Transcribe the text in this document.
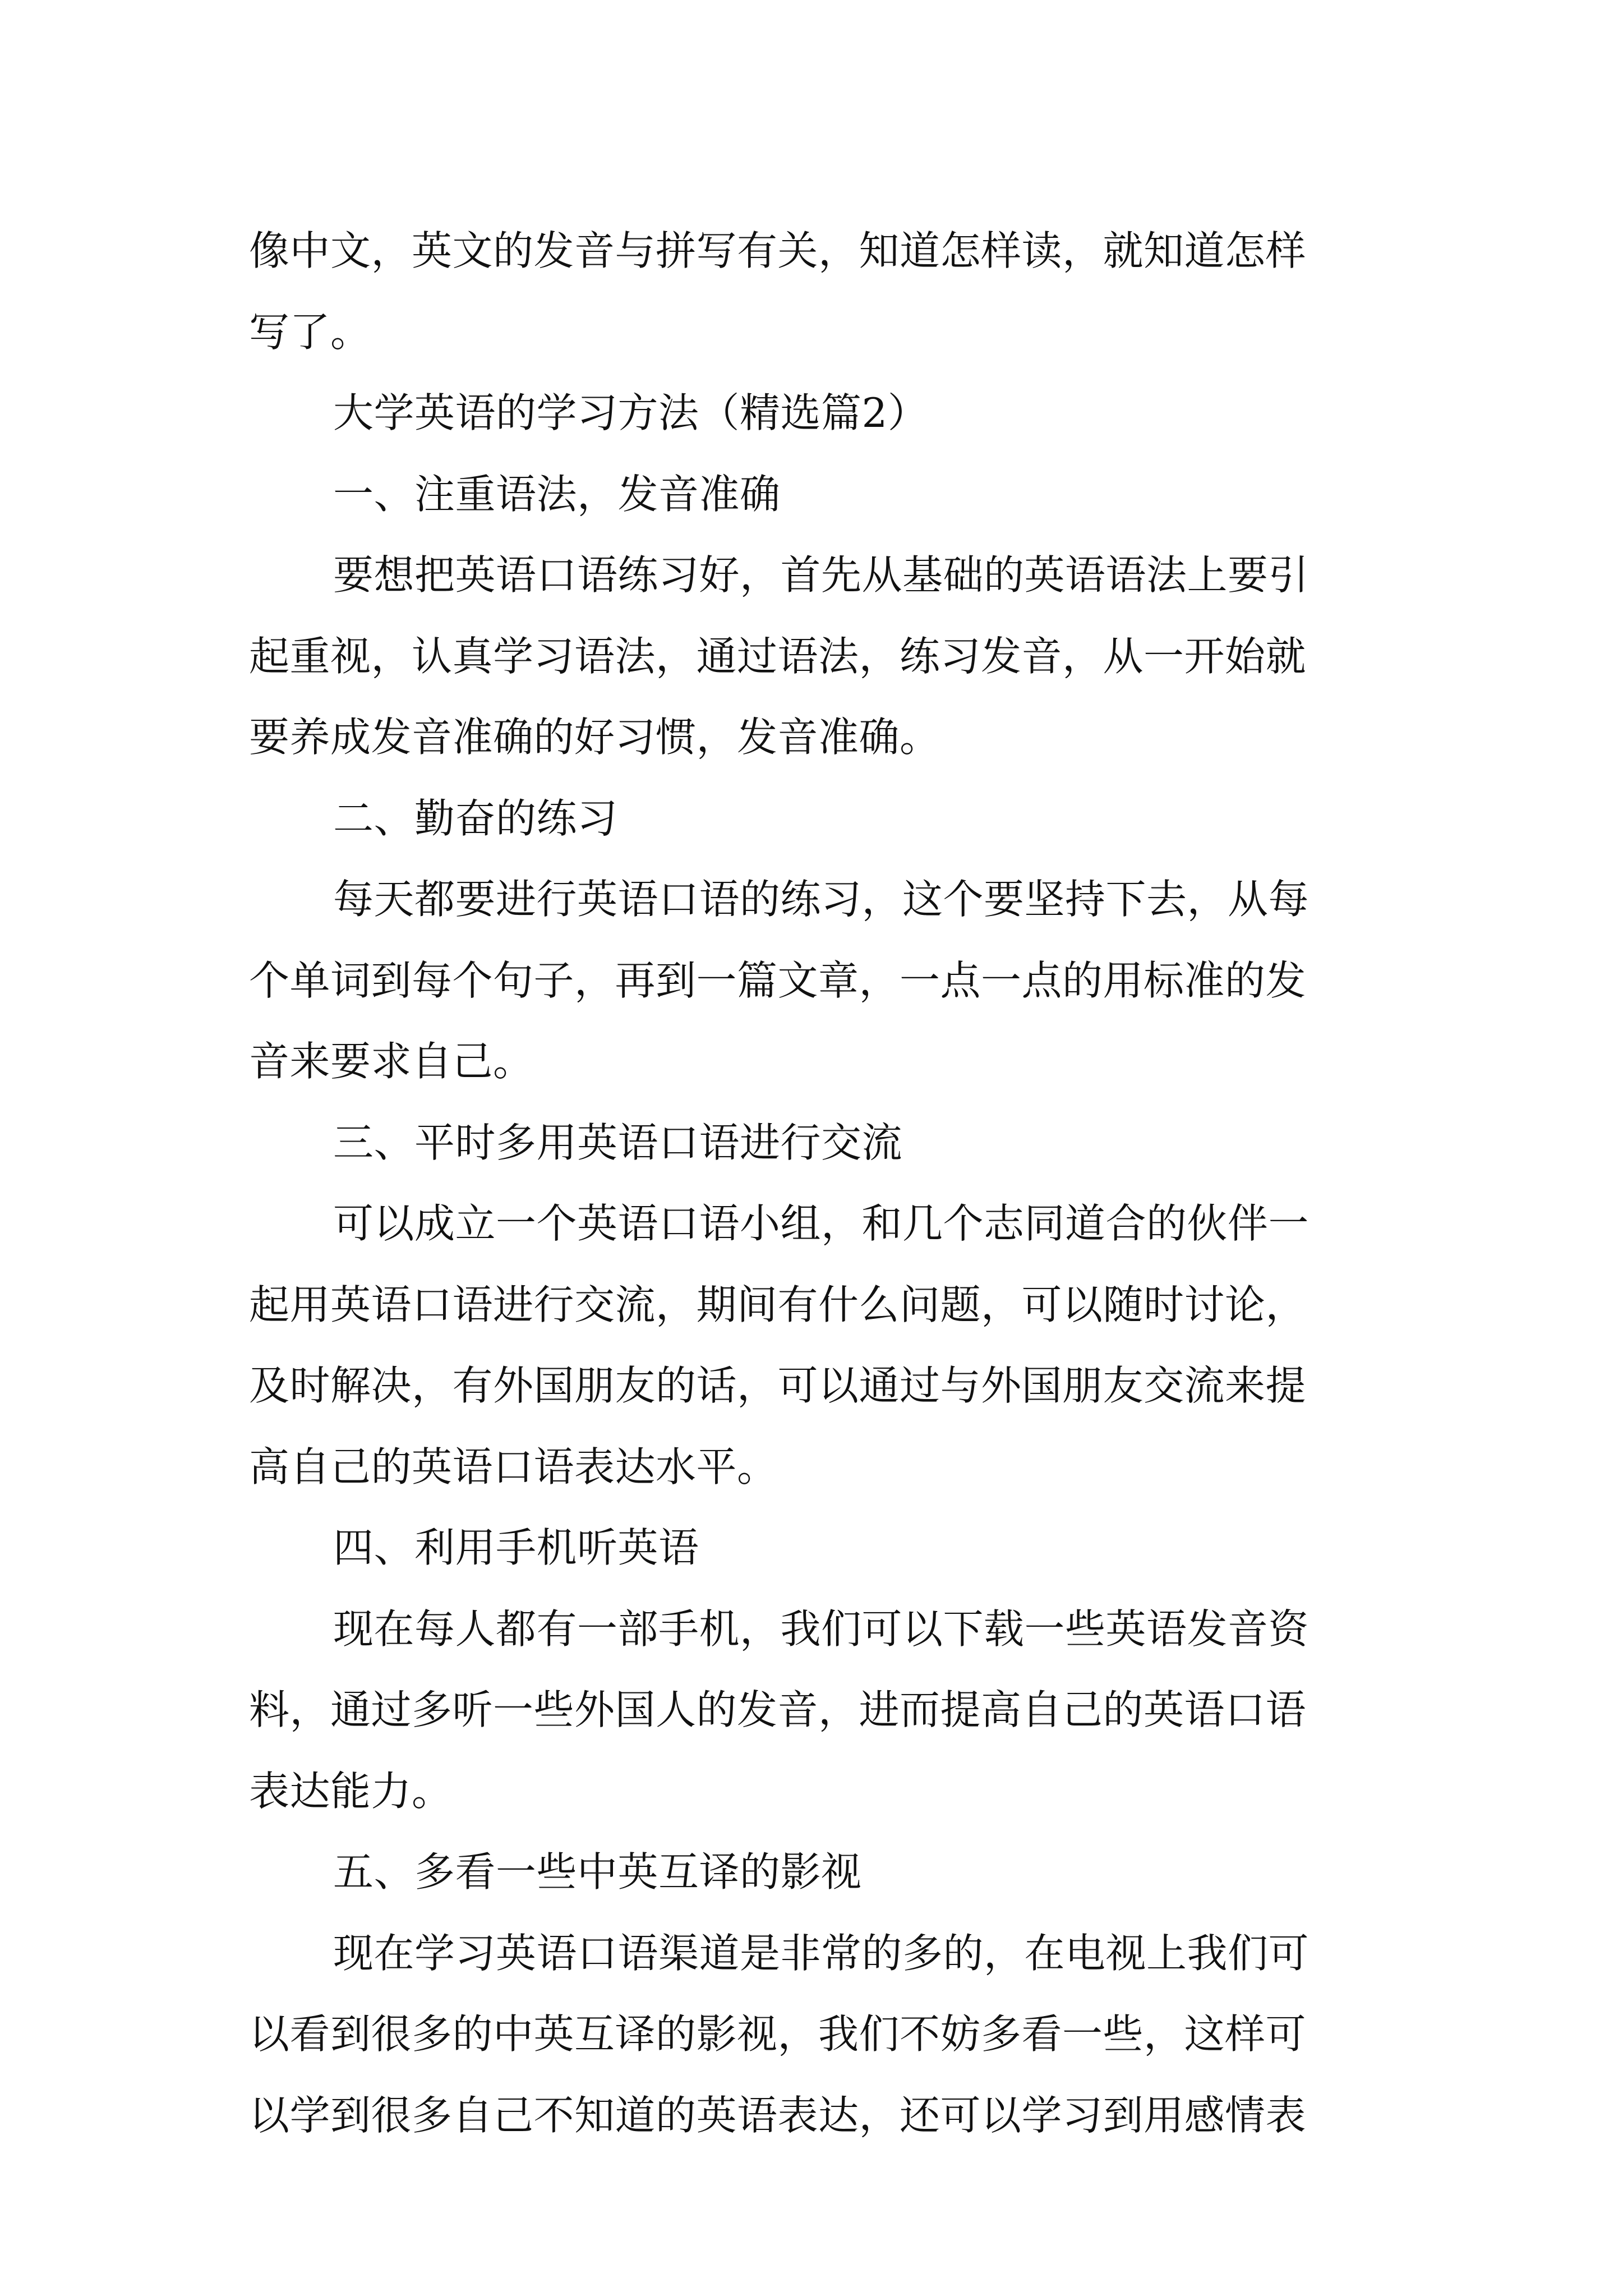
像中文，英文的发音与拼写有关，知道怎样读，就知道怎样
写了。
大学英语的学习方法（精选篇2）
一、注重语法，发音准确
要想把英语口语练习好，首先从基础的英语语法上要引
起重视，认真学习语法，通过语法，练习发音，从一开始就
要养成发音准确的好习惯，发音准确。
二、勤奋的练习
每天都要进行英语口语的练习，这个要坚持下去，从每
个单词到每个句子，再到一篇文章，一点一点的用标准的发
音来要求自己。
三、平时多用英语口语进行交流
可以成立一个英语口语小组，和几个志同道合的伙伴一
起用英语口语进行交流，期间有什么问题，可以随时讨论，
及时解决，有外国朋友的话，可以通过与外国朋友交流来提
高自己的英语口语表达水平。
四、利用手机听英语
现在每人都有一部手机，我们可以下载一些英语发音资
料，通过多听一些外国人的发音，进而提高自己的英语口语
表达能力。
五、多看一些中英互译的影视
现在学习英语口语渠道是非常的多的，在电视上我们可
以看到很多的中英互译的影视，我们不妨多看一些，这样可
以学到很多自己不知道的英语表达，还可以学习到用感情表
